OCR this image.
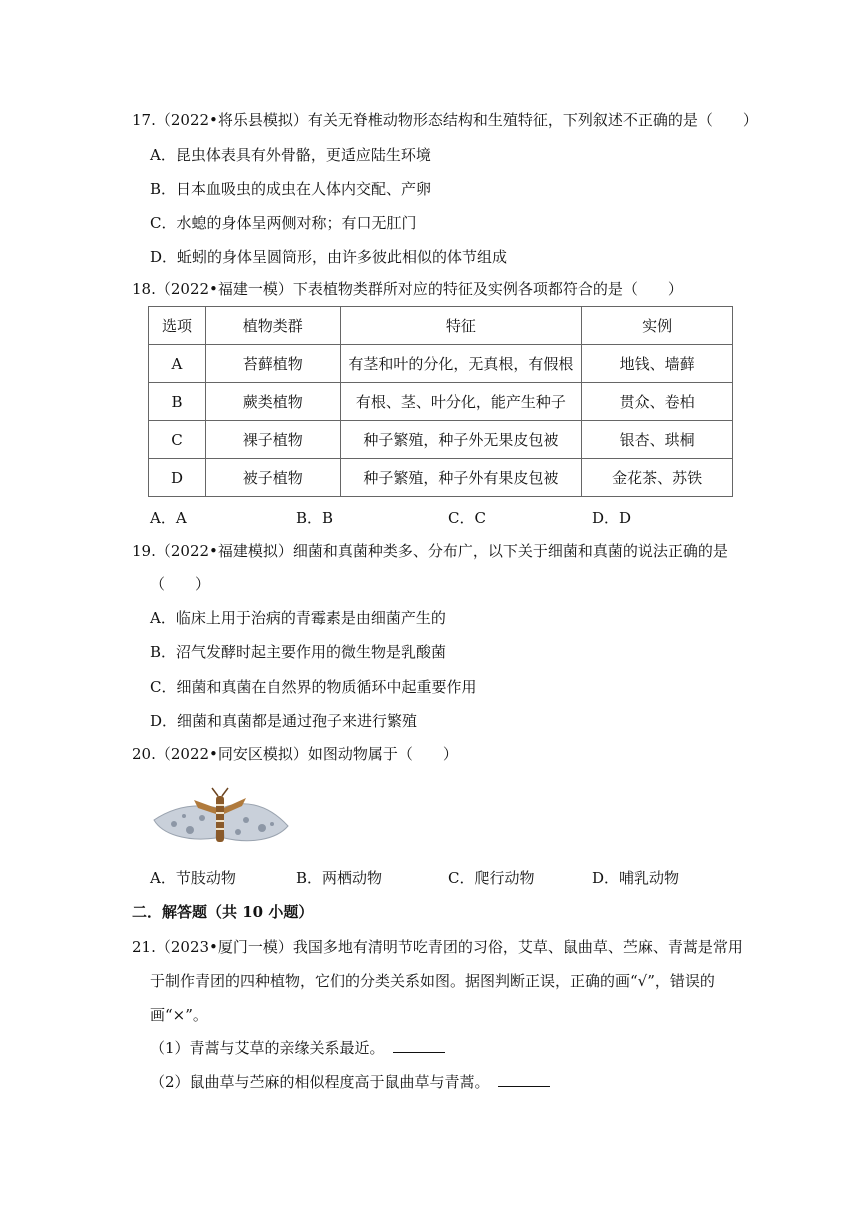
17.（2022•将乐县模拟）有关无脊椎动物形态结构和生殖特征，下列叙述不正确的是（　　）
A．昆虫体表具有外骨骼，更适应陆生环境
B．日本血吸虫的成虫在人体内交配、产卵
C．水螅的身体呈两侧对称；有口无肛门
D．蚯蚓的身体呈圆筒形，由许多彼此相似的体节组成
18.（2022•福建一模）下表植物类群所对应的特征及实例各项都符合的是（　　）
选项	植物类群	特征	实例
A	苔藓植物	有茎和叶的分化，无真根，有假根	地钱、墙藓
B	蕨类植物	有根、茎、叶分化，能产生种子	贯众、卷柏
C	裸子植物	种子繁殖，种子外无果皮包被	银杏、珙桐
D	被子植物	种子繁殖，种子外有果皮包被	金花茶、苏铁
A．A	B．B	C．C	D．D
19.（2022•福建模拟）细菌和真菌种类多、分布广，以下关于细菌和真菌的说法正确的是
（　　）
A．临床上用于治病的青霉素是由细菌产生的
B．沼气发酵时起主要作用的微生物是乳酸菌
C．细菌和真菌在自然界的物质循环中起重要作用
D．细菌和真菌都是通过孢子来进行繁殖
20.（2022•同安区模拟）如图动物属于（　　）
A．节肢动物	B．两栖动物	C．爬行动物	D．哺乳动物
二．解答题（共 10 小题）
21.（2023•厦门一模）我国多地有清明节吃青团的习俗，艾草、鼠曲草、苎麻、青蒿是常用
于制作青团的四种植物，它们的分类关系如图。据图判断正误，正确的画“√”，错误的
画“×”。
（1）青蒿与艾草的亲缘关系最近。
（2）鼠曲草与苎麻的相似程度高于鼠曲草与青蒿。
